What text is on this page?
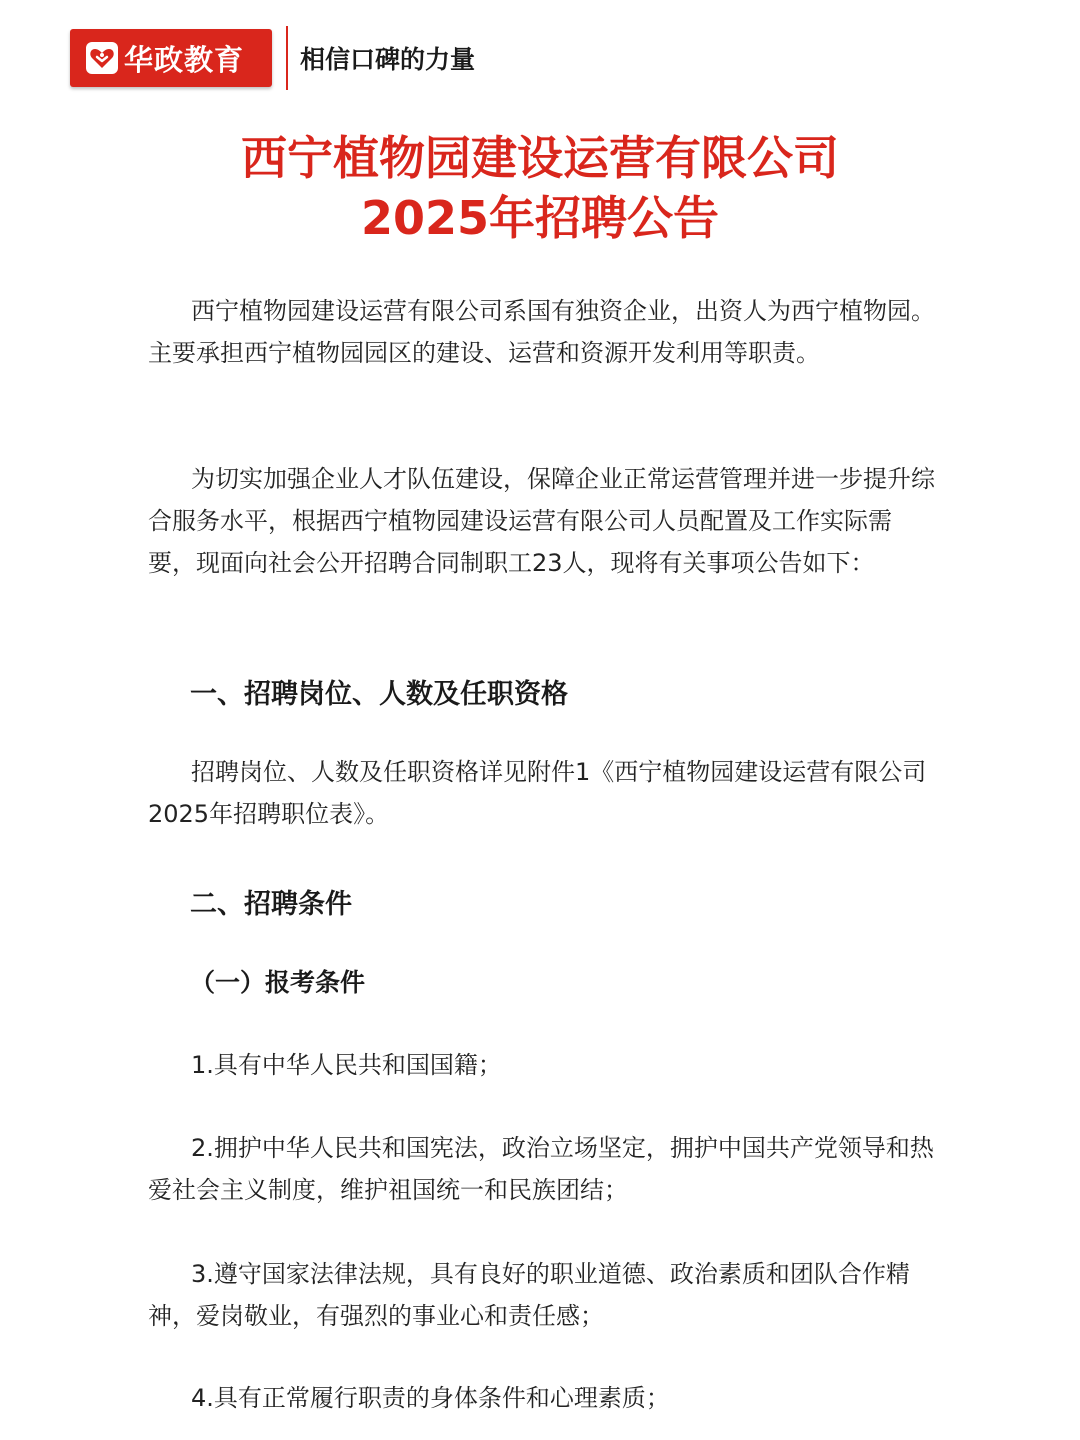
华政教育 相信口碑的力量
西宁植物园建设运营有限公司
2025年招聘公告

西宁植物园建设运营有限公司系国有独资企业，出资人为西宁植物园。主要承担西宁植物园园区的建设、运营和资源开发利用等职责。

为切实加强企业人才队伍建设，保障企业正常运营管理并进一步提升综合服务水平，根据西宁植物园建设运营有限公司人员配置及工作实际需要，现面向社会公开招聘合同制职工23人，现将有关事项公告如下：

一、招聘岗位、人数及任职资格

招聘岗位、人数及任职资格详见附件1《西宁植物园建设运营有限公司2025年招聘职位表》。

二、招聘条件
（一）报考条件

1.具有中华人民共和国国籍；

2.拥护中华人民共和国宪法，政治立场坚定，拥护中国共产党领导和热爱社会主义制度，维护祖国统一和民族团结；

3.遵守国家法律法规，具有良好的职业道德、政治素质和团队合作精神，爱岗敬业，有强烈的事业心和责任感；

4.具有正常履行职责的身体条件和心理素质；
